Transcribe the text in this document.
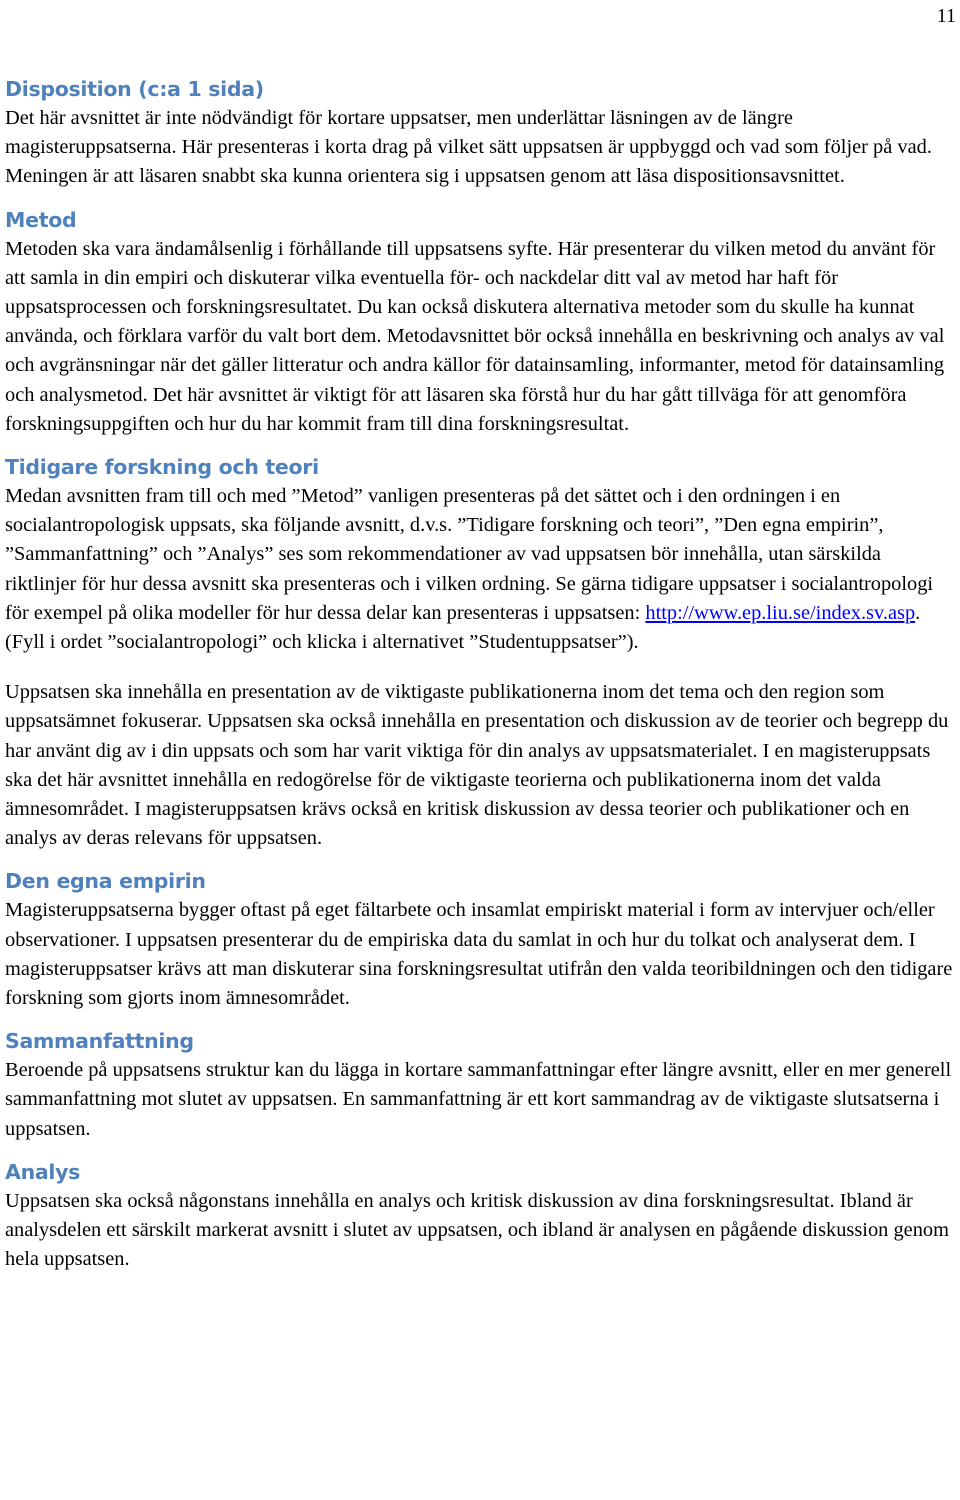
11
Disposition (c:a 1 sida)

Det här avsnittet är inte nödvändigt för kortare uppsatser, men underlättar läsningen av de längre magisteruppsatserna. Här presenteras i korta drag på vilket sätt uppsatsen är uppbyggd och vad som följer på vad. Meningen är att läsaren snabbt ska kunna orientera sig i uppsatsen genom att läsa dispositionsavsnittet.

Metod

Metoden ska vara ändamålsenlig i förhållande till uppsatsens syfte. Här presenterar du vilken metod du använt för att samla in din empiri och diskuterar vilka eventuella för- och nackdelar ditt val av metod har haft för uppsatsprocessen och forskningsresultatet. Du kan också diskutera alternativa metoder som du skulle ha kunnat använda, och förklara varför du valt bort dem. Metodavsnittet bör också innehålla en beskrivning och analys av val och avgränsningar när det gäller litteratur och andra källor för datainsamling, informanter, metod för datainsamling och analysmetod. Det här avsnittet är viktigt för att läsaren ska förstå hur du har gått tillväga för att genomföra forskningsuppgiften och hur du har kommit fram till dina forskningsresultat.

Tidigare forskning och teori

Medan avsnitten fram till och med ”Metod” vanligen presenteras på det sättet och i den ordningen i en socialantropologisk uppsats, ska följande avsnitt, d.v.s. ”Tidigare forskning och teori”, ”Den egna empirin”, ”Sammanfattning” och ”Analys” ses som rekommendationer av vad uppsatsen bör innehålla, utan särskilda riktlinjer för hur dessa avsnitt ska presenteras och i vilken ordning. Se gärna tidigare uppsatser i socialantropologi för exempel på olika modeller för hur dessa delar kan presenteras i uppsatsen: http://www.ep.liu.se/index.sv.asp. (Fyll i ordet ”socialantropologi” och klicka i alternativet ”Studentuppsatser”).

Uppsatsen ska innehålla en presentation av de viktigaste publikationerna inom det tema och den region som uppsatsämnet fokuserar. Uppsatsen ska också innehålla en presentation och diskussion av de teorier och begrepp du har använt dig av i din uppsats och som har varit viktiga för din analys av uppsatsmaterialet. I en magisteruppsats ska det här avsnittet innehålla en redogörelse för de viktigaste teorierna och publikationerna inom det valda ämnesområdet. I magisteruppsatsen krävs också en kritisk diskussion av dessa teorier och publikationer och en analys av deras relevans för uppsatsen.

Den egna empirin

Magisteruppsatserna bygger oftast på eget fältarbete och insamlat empiriskt material i form av intervjuer och/eller observationer. I uppsatsen presenterar du de empiriska data du samlat in och hur du tolkat och analyserat dem. I magisteruppsatser krävs att man diskuterar sina forskningsresultat utifrån den valda teoribildningen och den tidigare forskning som gjorts inom ämnesområdet.

Sammanfattning

Beroende på uppsatsens struktur kan du lägga in kortare sammanfattningar efter längre avsnitt, eller en mer generell sammanfattning mot slutet av uppsatsen. En sammanfattning är ett kort sammandrag av de viktigaste slutsatserna i uppsatsen.

Analys

Uppsatsen ska också någonstans innehålla en analys och kritisk diskussion av dina forskningsresultat. Ibland är analysdelen ett särskilt markerat avsnitt i slutet av uppsatsen, och ibland är analysen en pågående diskussion genom hela uppsatsen.
